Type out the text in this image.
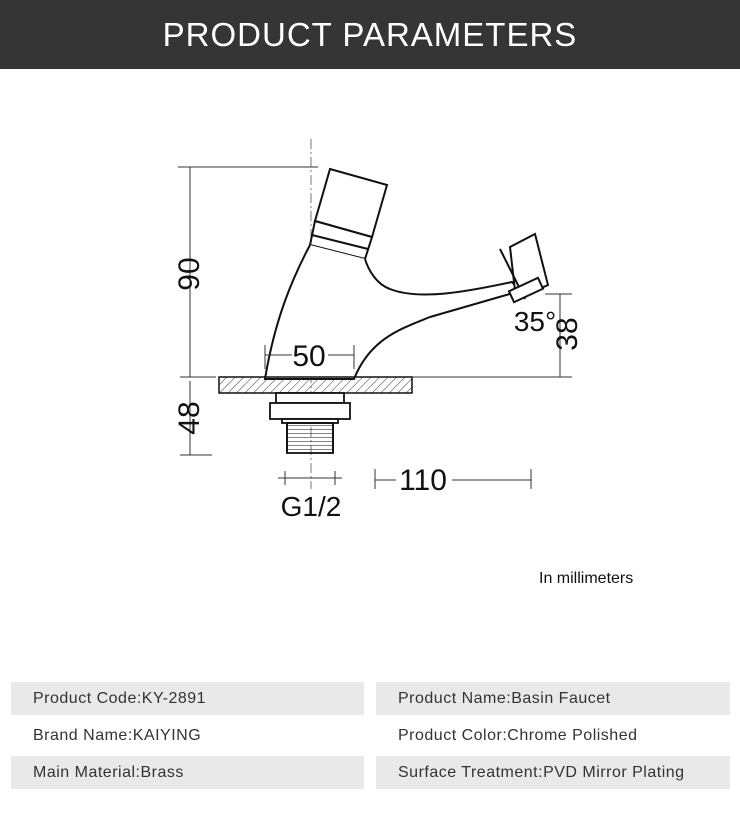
PRODUCT PARAMETERS
90
48
50
35°
38
G1/2
110
In millimeters
Product Code:KY-2891	Product Name:Basin Faucet
Brand Name:KAIYING	Product Color:Chrome Polished
Main Material:Brass	Surface Treatment:PVD Mirror Plating
